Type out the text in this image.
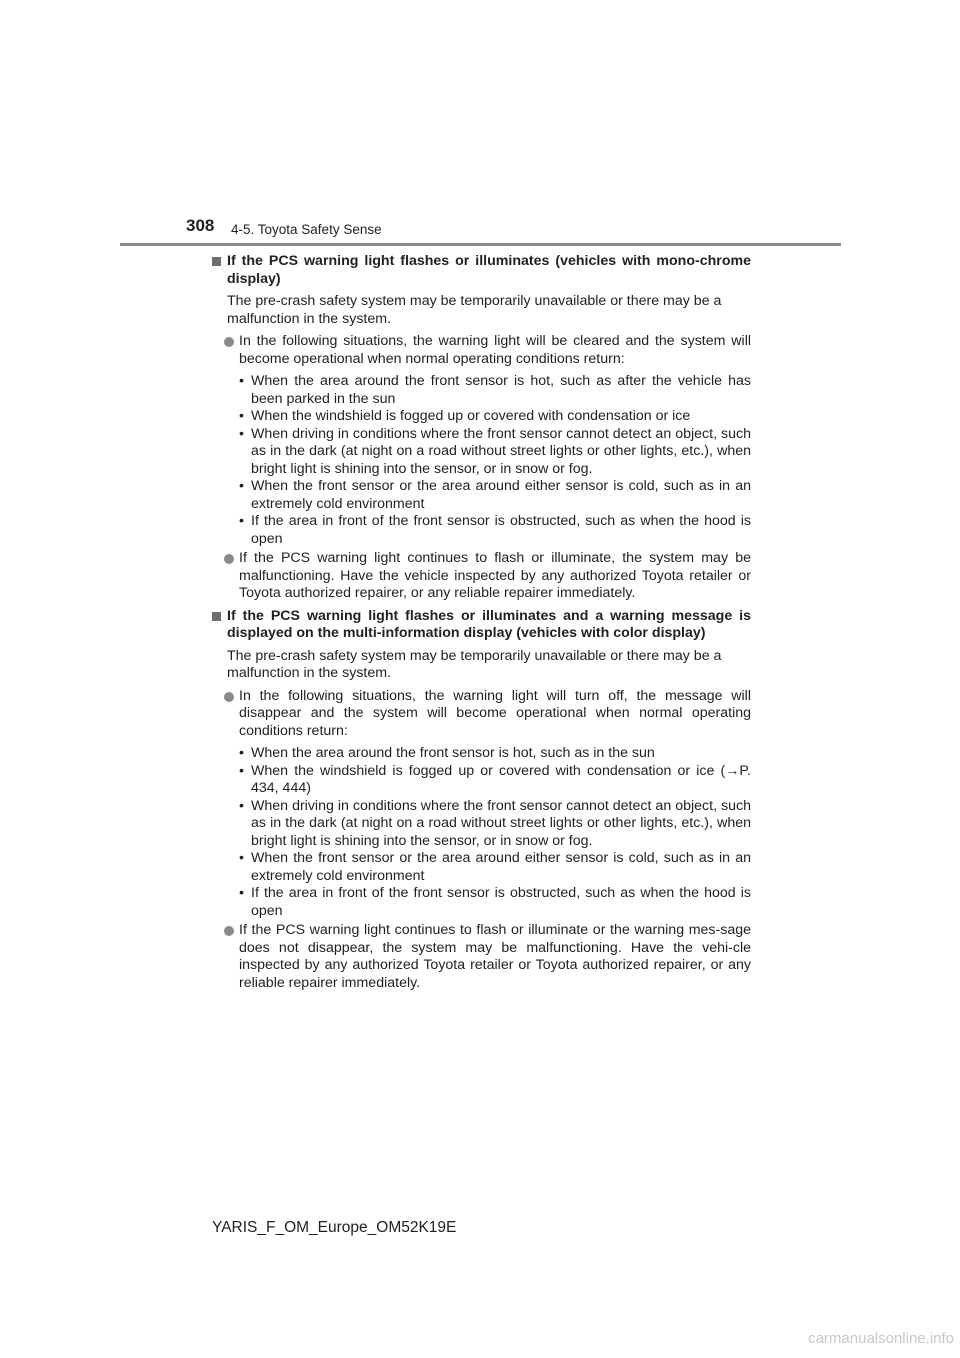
308 4-5. Toyota Safety Sense
If the PCS warning light flashes or illuminates (vehicles with mono-chrome display)
The pre-crash safety system may be temporarily unavailable or there may be a malfunction in the system.
In the following situations, the warning light will be cleared and the system will become operational when normal operating conditions return:
• When the area around the front sensor is hot, such as after the vehicle has been parked in the sun
• When the windshield is fogged up or covered with condensation or ice
• When driving in conditions where the front sensor cannot detect an object, such as in the dark (at night on a road without street lights or other lights, etc.), when bright light is shining into the sensor, or in snow or fog.
• When the front sensor or the area around either sensor is cold, such as in an extremely cold environment
• If the area in front of the front sensor is obstructed, such as when the hood is open
If the PCS warning light continues to flash or illuminate, the system may be malfunctioning. Have the vehicle inspected by any authorized Toyota retailer or Toyota authorized repairer, or any reliable repairer immediately.
If the PCS warning light flashes or illuminates and a warning message is displayed on the multi-information display (vehicles with color display)
The pre-crash safety system may be temporarily unavailable or there may be a malfunction in the system.
In the following situations, the warning light will turn off, the message will disappear and the system will become operational when normal operating conditions return:
• When the area around the front sensor is hot, such as in the sun
• When the windshield is fogged up or covered with condensation or ice (→P. 434, 444)
• When driving in conditions where the front sensor cannot detect an object, such as in the dark (at night on a road without street lights or other lights, etc.), when bright light is shining into the sensor, or in snow or fog.
• When the front sensor or the area around either sensor is cold, such as in an extremely cold environment
• If the area in front of the front sensor is obstructed, such as when the hood is open
If the PCS warning light continues to flash or illuminate or the warning mes-sage does not disappear, the system may be malfunctioning. Have the vehi-cle inspected by any authorized Toyota retailer or Toyota authorized repairer, or any reliable repairer immediately.
YARIS_F_OM_Europe_OM52K19E
carmanualsonline.info
